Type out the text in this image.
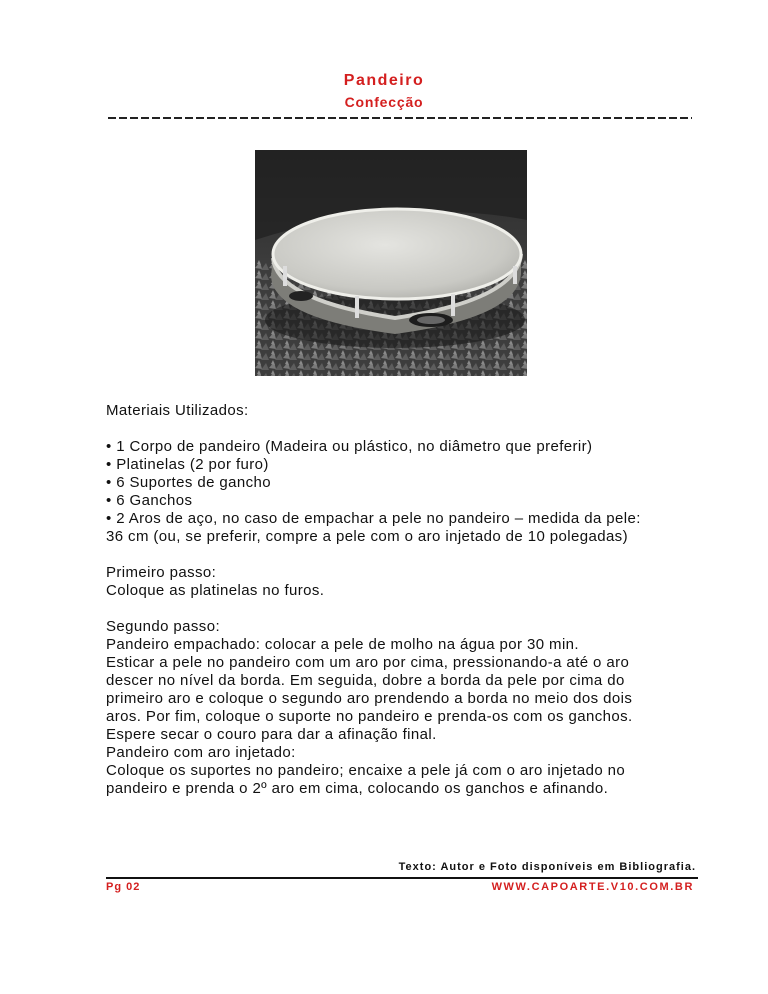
Pandeiro
Confecção
Materiais Utilizados:
• 1 Corpo de pandeiro (Madeira ou plástico, no diâmetro que preferir)
• Platinelas (2 por furo)
• 6 Suportes de gancho
• 6 Ganchos
• 2 Aros de aço, no caso de empachar a pele no pandeiro – medida da pele:
36 cm (ou, se preferir, compre a pele com o aro injetado de 10 polegadas)
Primeiro passo:
Coloque as platinelas no furos.
Segundo passo:
Pandeiro empachado: colocar a pele de molho na água por 30 min.
Esticar a pele no pandeiro com um aro por cima, pressionando-a até o aro
descer no nível da borda. Em seguida, dobre a borda da pele por cima do
primeiro aro e coloque o segundo aro prendendo a borda no meio dos dois
aros. Por fim, coloque o suporte no pandeiro e prenda-os com os ganchos.
Espere secar o couro para dar a afinação final.
Pandeiro com aro injetado:
Coloque os suportes no pandeiro; encaixe a pele já com o aro injetado no
pandeiro e prenda o 2º aro em cima, colocando os ganchos e afinando.
Texto: Autor e Foto disponíveis em Bibliografia.
Pg 02	WWW.CAPOARTE.V10.COM.BR
